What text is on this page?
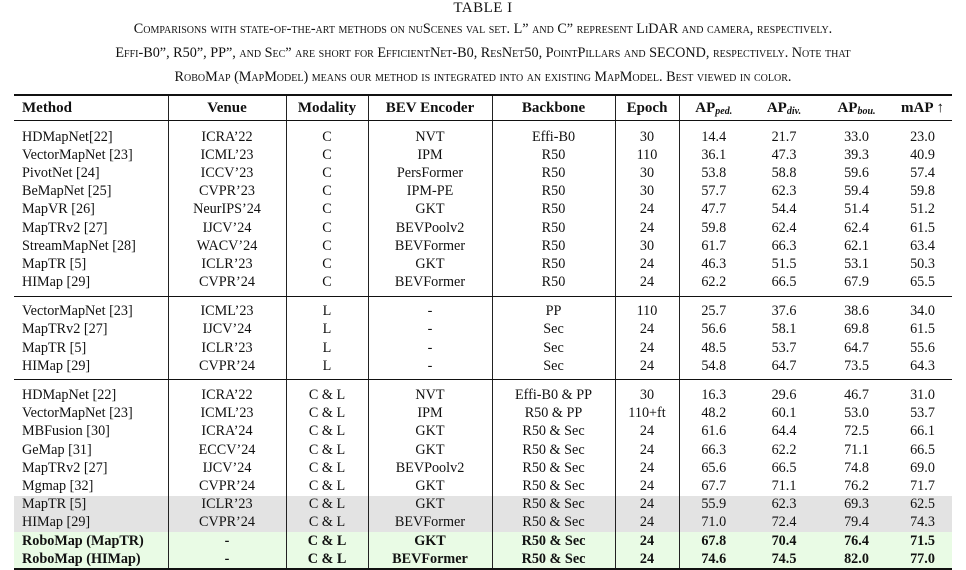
TABLE I
Comparisons with state-of-the-art methods on nuScenes val set. L” and C” represent LiDAR and camera, respectively.
Effi-B0”, R50”, PP”, and Sec” are short for EfficientNet-B0, ResNet50, PointPillars and SECOND, respectively. Note that
RoboMap (MapModel) means our method is integrated into an existing MapModel. Best viewed in color.
Method	Venue	Modality	BEV Encoder	Backbone	Epoch	APped.	APdiv.	APbou.	mAP ↑
HDMapNet[22]	ICRA’22	C	NVT	Effi-B0	30	14.4	21.7	33.0	23.0
VectorMapNet [23]	ICML’23	C	IPM	R50	110	36.1	47.3	39.3	40.9
PivotNet [24]	ICCV’23	C	PersFormer	R50	30	53.8	58.8	59.6	57.4
BeMapNet [25]	CVPR’23	C	IPM-PE	R50	30	57.7	62.3	59.4	59.8
MapVR [26]	NeurIPS’24	C	GKT	R50	24	47.7	54.4	51.4	51.2
MapTRv2 [27]	IJCV’24	C	BEVPoolv2	R50	24	59.8	62.4	62.4	61.5
StreamMapNet [28]	WACV’24	C	BEVFormer	R50	30	61.7	66.3	62.1	63.4
MapTR [5]	ICLR’23	C	GKT	R50	24	46.3	51.5	53.1	50.3
HIMap [29]	CVPR’24	C	BEVFormer	R50	24	62.2	66.5	67.9	65.5
VectorMapNet [23]	ICML’23	L	-	PP	110	25.7	37.6	38.6	34.0
MapTRv2 [27]	IJCV’24	L	-	Sec	24	56.6	58.1	69.8	61.5
MapTR [5]	ICLR’23	L	-	Sec	24	48.5	53.7	64.7	55.6
HIMap [29]	CVPR’24	L	-	Sec	24	54.8	64.7	73.5	64.3
HDMapNet [22]	ICRA’22	C & L	NVT	Effi-B0 & PP	30	16.3	29.6	46.7	31.0
VectorMapNet [23]	ICML’23	C & L	IPM	R50 & PP	110+ft	48.2	60.1	53.0	53.7
MBFusion [30]	ICRA’24	C & L	GKT	R50 & Sec	24	61.6	64.4	72.5	66.1
GeMap [31]	ECCV’24	C & L	GKT	R50 & Sec	24	66.3	62.2	71.1	66.5
MapTRv2 [27]	IJCV’24	C & L	BEVPoolv2	R50 & Sec	24	65.6	66.5	74.8	69.0
Mgmap [32]	CVPR’24	C & L	GKT	R50 & Sec	24	67.7	71.1	76.2	71.7
MapTR [5]	ICLR’23	C & L	GKT	R50 & Sec	24	55.9	62.3	69.3	62.5
HIMap [29]	CVPR’24	C & L	BEVFormer	R50 & Sec	24	71.0	72.4	79.4	74.3
RoboMap (MapTR)	-	C & L	GKT	R50 & Sec	24	67.8	70.4	76.4	71.5
RoboMap (HIMap)	-	C & L	BEVFormer	R50 & Sec	24	74.6	74.5	82.0	77.0
